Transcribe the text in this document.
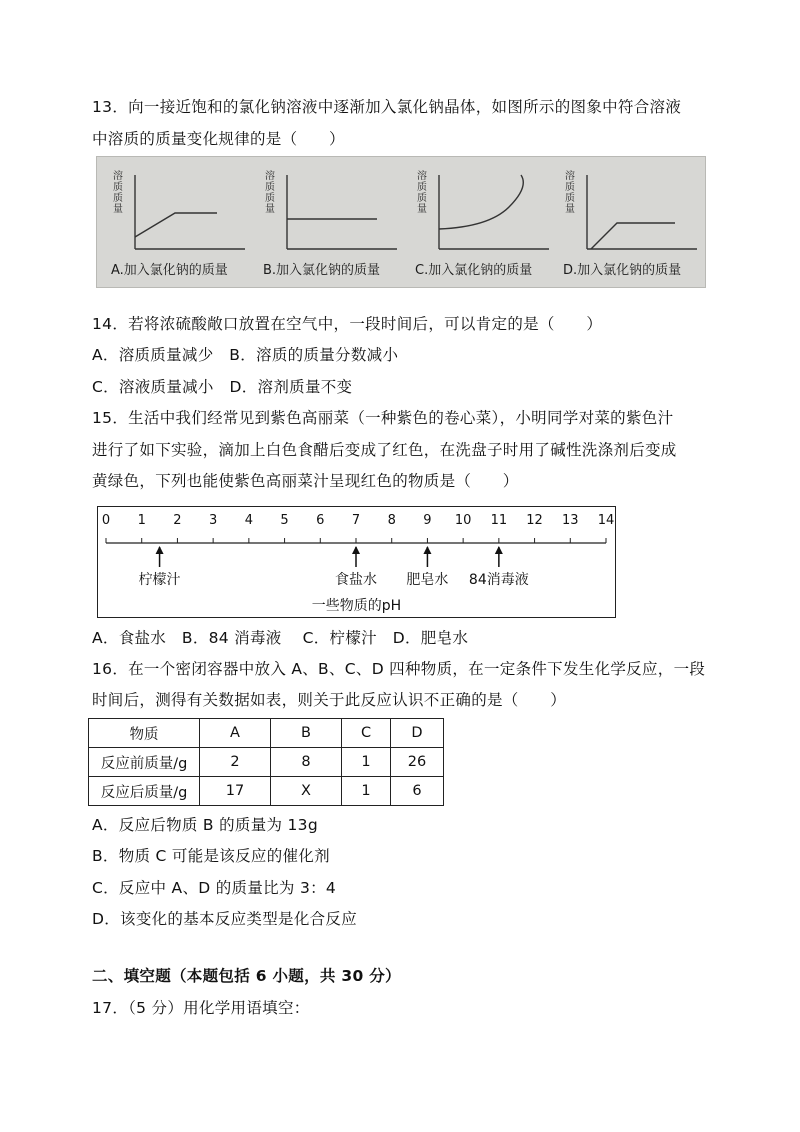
13．向一接近饱和的氯化钠溶液中逐渐加入氯化钠晶体，如图所示的图象中符合溶液
中溶质的质量变化规律的是（　　）
溶质质量
A.加入氯化钠的质量
溶质质量
B.加入氯化钠的质量
溶质质量
C.加入氯化钠的质量
溶质质量
D.加入氯化钠的质量
14．若将浓硫酸敞口放置在空气中，一段时间后，可以肯定的是（　　）
A．溶质质量减少　B．溶质的质量分数减小
C．溶液质量减小　D．溶剂质量不变
15．生活中我们经常见到紫色高丽菜（一种紫色的卷心菜），小明同学对菜的紫色汁
进行了如下实验，滴加上白色食醋后变成了红色，在洗盘子时用了碱性洗涤剂后变成
黄绿色，下列也能使紫色高丽菜汁呈现红色的物质是（　　）
0 1 2 3 4 5 6 7 8 9 10 11 12 13 14
柠檬汁	食盐水 肥皂水 84消毒液
一些物质的pH
A．食盐水　B．84 消毒液　 C．柠檬汁　D．肥皂水
16．在一个密闭容器中放入 A、B、C、D 四种物质，在一定条件下发生化学反应，一段
时间后，测得有关数据如表，则关于此反应认识不正确的是（　　）
物质	A	B	C	D
反应前质量/g	2	8	1	26
反应后质量/g	17	X	1	6
A．反应后物质 B 的质量为 13g
B．物质 C 可能是该反应的催化剂
C．反应中 A、D 的质量比为 3：4
D．该变化的基本反应类型是化合反应
二、填空题（本题包括 6 小题，共 30 分）
17．（5 分）用化学用语填空：
